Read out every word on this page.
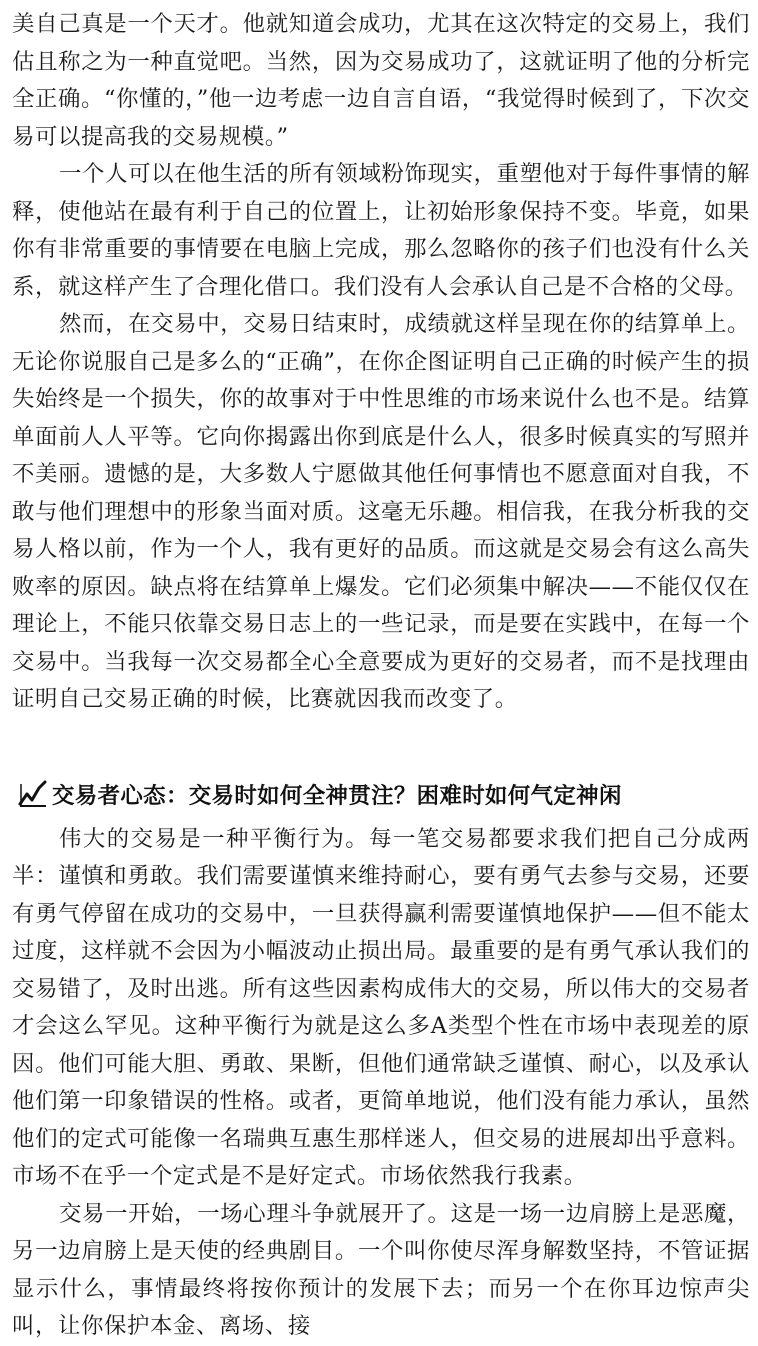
美自己真是一个天才。他就知道会成功，尤其在这次特定的交易上，我们估且称之为一种直觉吧。当然，因为交易成功了，这就证明了他的分析完全正确。“你懂的，”他一边考虑一边自言自语，“我觉得时候到了，下次交易可以提高我的交易规模。”

一个人可以在他生活的所有领域粉饰现实，重塑他对于每件事情的解释，使他站在最有利于自己的位置上，让初始形象保持不变。毕竟，如果你有非常重要的事情要在电脑上完成，那么忽略你的孩子们也没有什么关系，就这样产生了合理化借口。我们没有人会承认自己是不合格的父母。

然而，在交易中，交易日结束时，成绩就这样呈现在你的结算单上。无论你说服自己是多么的“正确”，在你企图证明自己正确的时候产生的损失始终是一个损失，你的故事对于中性思维的市场来说什么也不是。结算单面前人人平等。它向你揭露出你到底是什么人，很多时候真实的写照并不美丽。遗憾的是，大多数人宁愿做其他任何事情也不愿意面对自我，不敢与他们理想中的形象当面对质。这毫无乐趣。相信我，在我分析我的交易人格以前，作为一个人，我有更好的品质。而这就是交易会有这么高失败率的原因。缺点将在结算单上爆发。它们必须集中解决——不能仅仅在理论上，不能只依靠交易日志上的一些记录，而是要在实践中，在每一个交易中。当我每一次交易都全心全意要成为更好的交易者，而不是找理由证明自己交易正确的时候，比赛就因我而改变了。

交易者心态：交易时如何全神贯注？困难时如何气定神闲

伟大的交易是一种平衡行为。每一笔交易都要求我们把自己分成两半：谨慎和勇敢。我们需要谨慎来维持耐心，要有勇气去参与交易，还要有勇气停留在成功的交易中，一旦获得赢利需要谨慎地保护——但不能太过度，这样就不会因为小幅波动止损出局。最重要的是有勇气承认我们的交易错了，及时出逃。所有这些因素构成伟大的交易，所以伟大的交易者才会这么罕见。这种平衡行为就是这么多A类型个性在市场中表现差的原因。他们可能大胆、勇敢、果断，但他们通常缺乏谨慎、耐心，以及承认他们第一印象错误的性格。或者，更简单地说，他们没有能力承认，虽然他们的定式可能像一名瑞典互惠生那样迷人，但交易的进展却出乎意料。市场不在乎一个定式是不是好定式。市场依然我行我素。

交易一开始，一场心理斗争就展开了。这是一场一边肩膀上是恶魔，另一边肩膀上是天使的经典剧目。一个叫你使尽浑身解数坚持，不管证据显示什么，事情最终将按你预计的发展下去；而另一个在你耳边惊声尖叫，让你保护本金、离场、接
